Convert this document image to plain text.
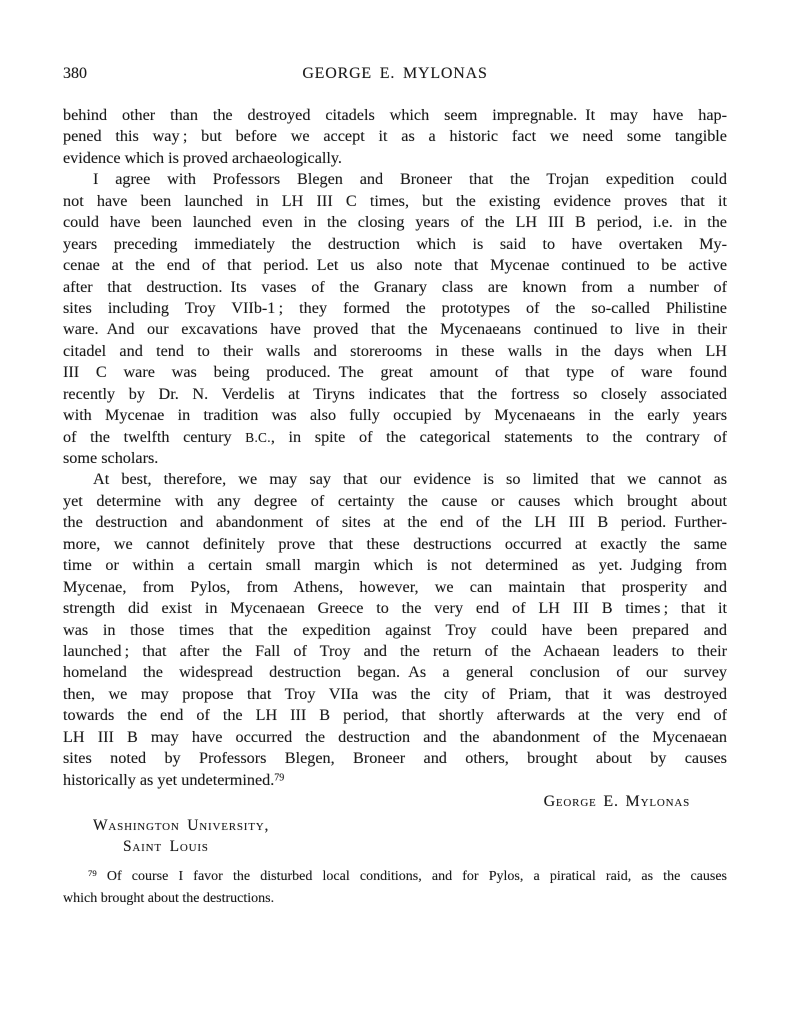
380	GEORGE E. MYLONAS
behind other than the destroyed citadels which seem impregnable. It may have hap-
pened this way ; but before we accept it as a historic fact we need some tangible
evidence which is proved archaeologically.
I agree with Professors Blegen and Broneer that the Trojan expedition could
not have been launched in LH III C times, but the existing evidence proves that it
could have been launched even in the closing years of the LH III B period, i.e. in the
years preceding immediately the destruction which is said to have overtaken My-
cenae at the end of that period. Let us also note that Mycenae continued to be active
after that destruction. Its vases of the Granary class are known from a number of
sites including Troy VIIb-1 ; they formed the prototypes of the so-called Philistine
ware. And our excavations have proved that the Mycenaeans continued to live in their
citadel and tend to their walls and storerooms in these walls in the days when LH
III C ware was being produced. The great amount of that type of ware found
recently by Dr. N. Verdelis at Tiryns indicates that the fortress so closely associated
with Mycenae in tradition was also fully occupied by Mycenaeans in the early years
of the twelfth century B.C., in spite of the categorical statements to the contrary of
some scholars.
At best, therefore, we may say that our evidence is so limited that we cannot as
yet determine with any degree of certainty the cause or causes which brought about
the destruction and abandonment of sites at the end of the LH III B period. Further-
more, we cannot definitely prove that these destructions occurred at exactly the same
time or within a certain small margin which is not determined as yet. Judging from
Mycenae, from Pylos, from Athens, however, we can maintain that prosperity and
strength did exist in Mycenaean Greece to the very end of LH III B times ; that it
was in those times that the expedition against Troy could have been prepared and
launched ; that after the Fall of Troy and the return of the Achaean leaders to their
homeland the widespread destruction began. As a general conclusion of our survey
then, we may propose that Troy VIIa was the city of Priam, that it was destroyed
towards the end of the LH III B period, that shortly afterwards at the very end of
LH III B may have occurred the destruction and the abandonment of the Mycenaean
sites noted by Professors Blegen, Broneer and others, brought about by causes
historically as yet undetermined.$^{79}$
George E. Mylonas
Washington University,
Saint Louis
$^{79}$ Of course I favor the disturbed local conditions, and for Pylos, a piratical raid, as the causes
which brought about the destructions.
